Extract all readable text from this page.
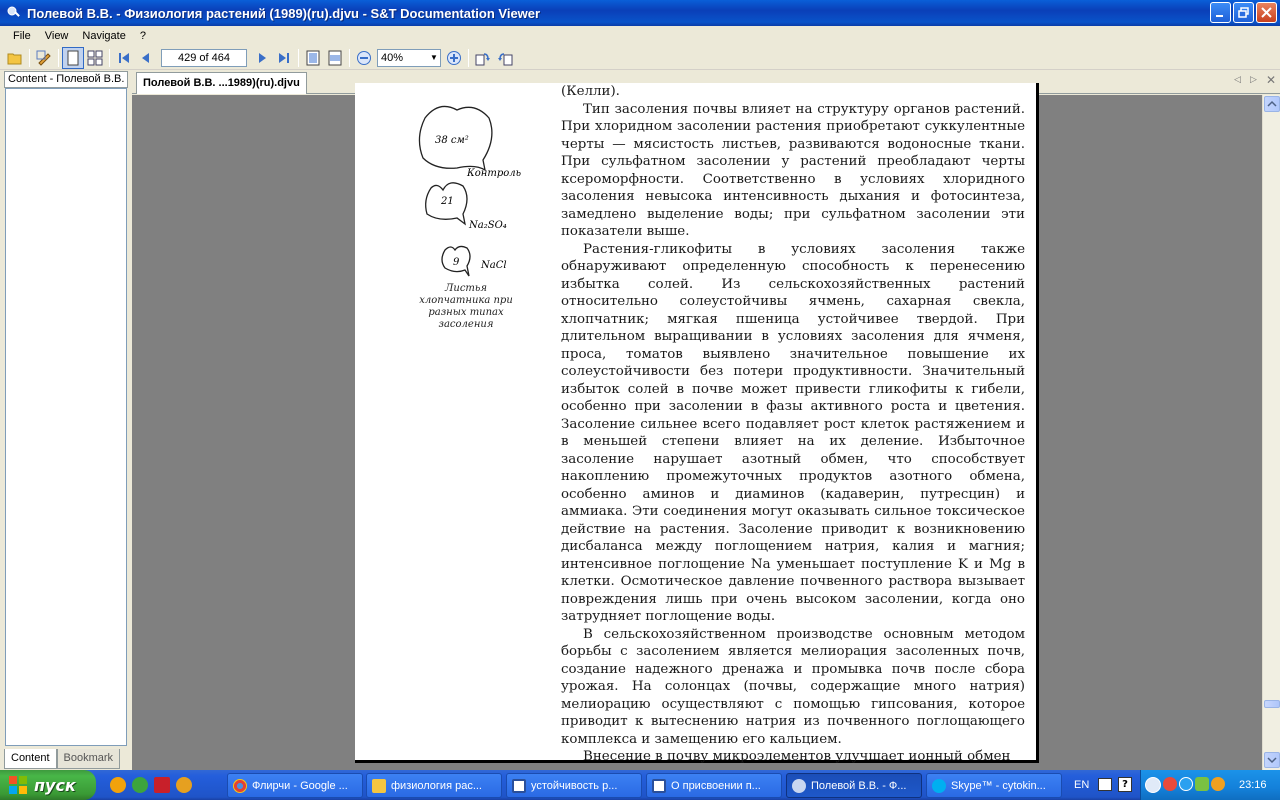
Полевой В.В. - Физиология растений (1989)(ru).djvu - S&T Documentation Viewer
File	View	Navigate	?
429 of 464	40%	▼
Content - Полевой В.В.
Content	Bookmark
Полевой В.В. ...1989)(ru).djvu	◁ ▷ ✕
38 см²
Контроль
21
Na₂SO₄
9 NaCl
Листья хлопчатника при разных типах засоления

(Келли).

Тип засоления почвы влияет на структуру органов растений. При хлоридном засолении растения приобретают суккулентные черты — мясистость листьев, развиваются водоносные ткани. При сульфатном засолении у растений преобладают черты ксероморфности. Соответственно в условиях хлоридного засоления невысока интенсивность дыхания и фотосинтеза, замедлено выделение воды; при сульфатном засолении эти показатели выше.

Растения-гликофиты в условиях засоления также обнаруживают определенную способность к перенесению избытка солей. Из сельскохозяйственных растений относительно солеустойчивы ячмень, сахарная свекла, хлопчатник; мягкая пшеница устойчивее твердой. При длительном выращивании в условиях засоления для ячменя, проса, томатов выявлено значительное повышение их солеустойчивости без потери продуктивности. Значительный избыток солей в почве может привести гликофиты к гибели, особенно при засолении в фазы активного роста и цветения. Засоление сильнее всего подавляет рост клеток растяжением и в меньшей степени влияет на их деление. Избыточное засоление нарушает азотный обмен, что способствует накоплению промежуточных продуктов азотного обмена, особенно аминов и диаминов (кадаверин, путресцин) и аммиака. Эти соединения могут оказывать сильное токсическое действие на растения. Засоление приводит к возникновению дисбаланса между поглощением натрия, калия и магния; интенсивное поглощение Na уменьшает поступление K и Mg в клетки. Осмотическое давление почвенного раствора вызывает повреждения лишь при очень высоком засолении, когда оно затрудняет поглощение воды.

В сельскохозяйственном производстве основным методом борьбы с засолением является мелиорация засоленных почв, создание надежного дренажа и промывка почв после сбора урожая. На солонцах (почвы, содержащие много натрия) мелиорацию осуществляют с помощью гипсования, которое приводит к вытеснению натрия из почвенного поглощающего комплекса и замещению его кальцием.

Внесение в почву микроэлементов улучшает ионный обмен

пуск	Флирчи - Google ...	физиология рас...	устойчивость р...	О присвоении п...	Полевой В.В. - Ф...	Skype™ - cytokin...	EN	?	23:16
